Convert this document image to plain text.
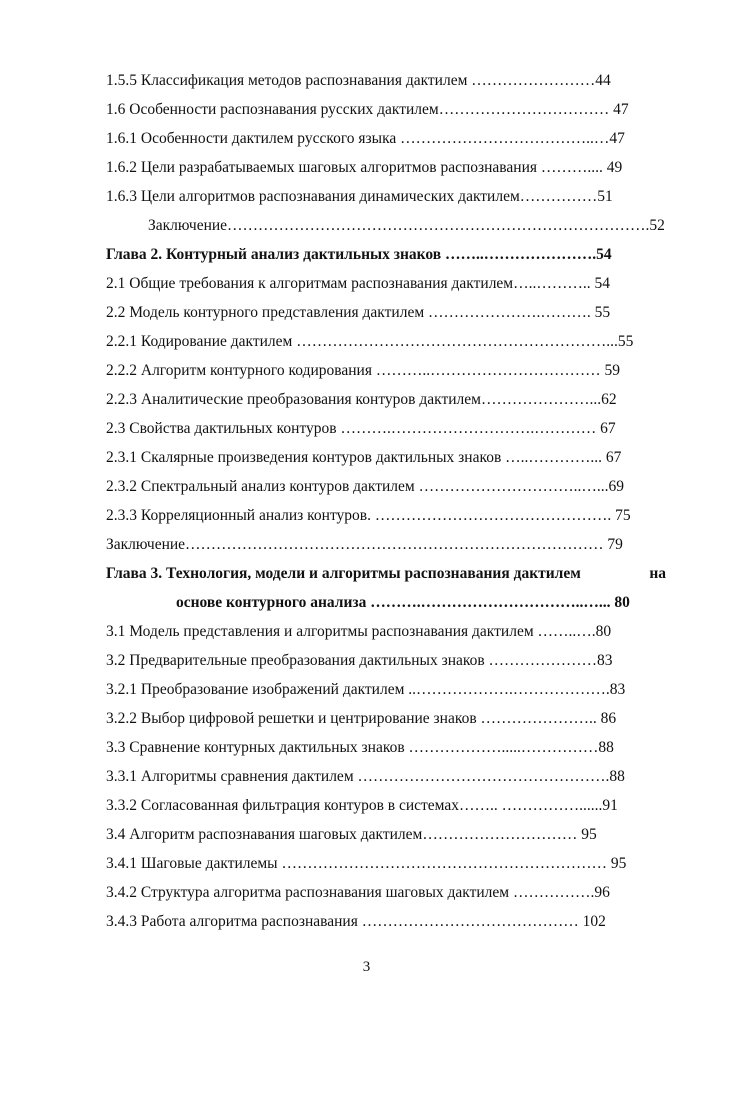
1.5.5 Классификация методов распознавания дактилем ……………………44
1.6 Особенности распознавания русских дактилем…………………………… 47
1.6.1 Особенности дактилем русского языка ………………………………..…47
1.6.2 Цели разрабатываемых шаговых алгоритмов распознавания ……….... 49
1.6.3 Цели алгоритмов распознавания динамических дактилем……………51
Заключение……………………………………………………………………….52
Глава 2. Контурный анализ дактильных знаков ……..………………….54
2.1 Общие требования к алгоритмам распознавания дактилем…..……….. 54
2.2 Модель контурного представления дактилем ………………….………. 55
2.2.1 Кодирование дактилем ……………………………………………………...55
2.2.2 Алгоритм контурного кодирования ………..…………………………… 59
2.2.3 Аналитические преобразования контуров дактилем…………………...62
2.3 Свойства дактильных контуров ……….……………………….………… 67
2.3.1 Скалярные произведения контуров дактильных знаков …..…………... 67
2.3.2 Спектральный анализ контуров дактилем …………………………..…...69
2.3.3 Корреляционный анализ контуров. ………………………………………. 75
Заключение……………………………………………………………………… 79
Глава 3. Технология, модели и алгоритмы распознавания дактилем	на
основе контурного анализа ……….…………………………..…... 80
3.1 Модель представления и алгоритмы распознавания дактилем ……..….80
3.2 Предварительные преобразования дактильных знаков …………………83
3.2.1 Преобразование изображений дактилем ..……………….……………….83
3.2.2 Выбор цифровой решетки и центрирование знаков ………………….. 86
3.3 Сравнение контурных дактильных знаков ……………….....……………88
3.3.1 Алгоритмы сравнения дактилем ………………………………………….88
3.3.2 Согласованная фильтрация контуров в системах…….. ……………......91
3.4 Алгоритм распознавания шаговых дактилем………………………… 95
3.4.1 Шаговые дактилемы ……………………………………………………… 95
3.4.2 Структура алгоритма распознавания шаговых дактилем …………….96
3.4.3 Работа алгоритма распознавания …………………………………… 102
3
